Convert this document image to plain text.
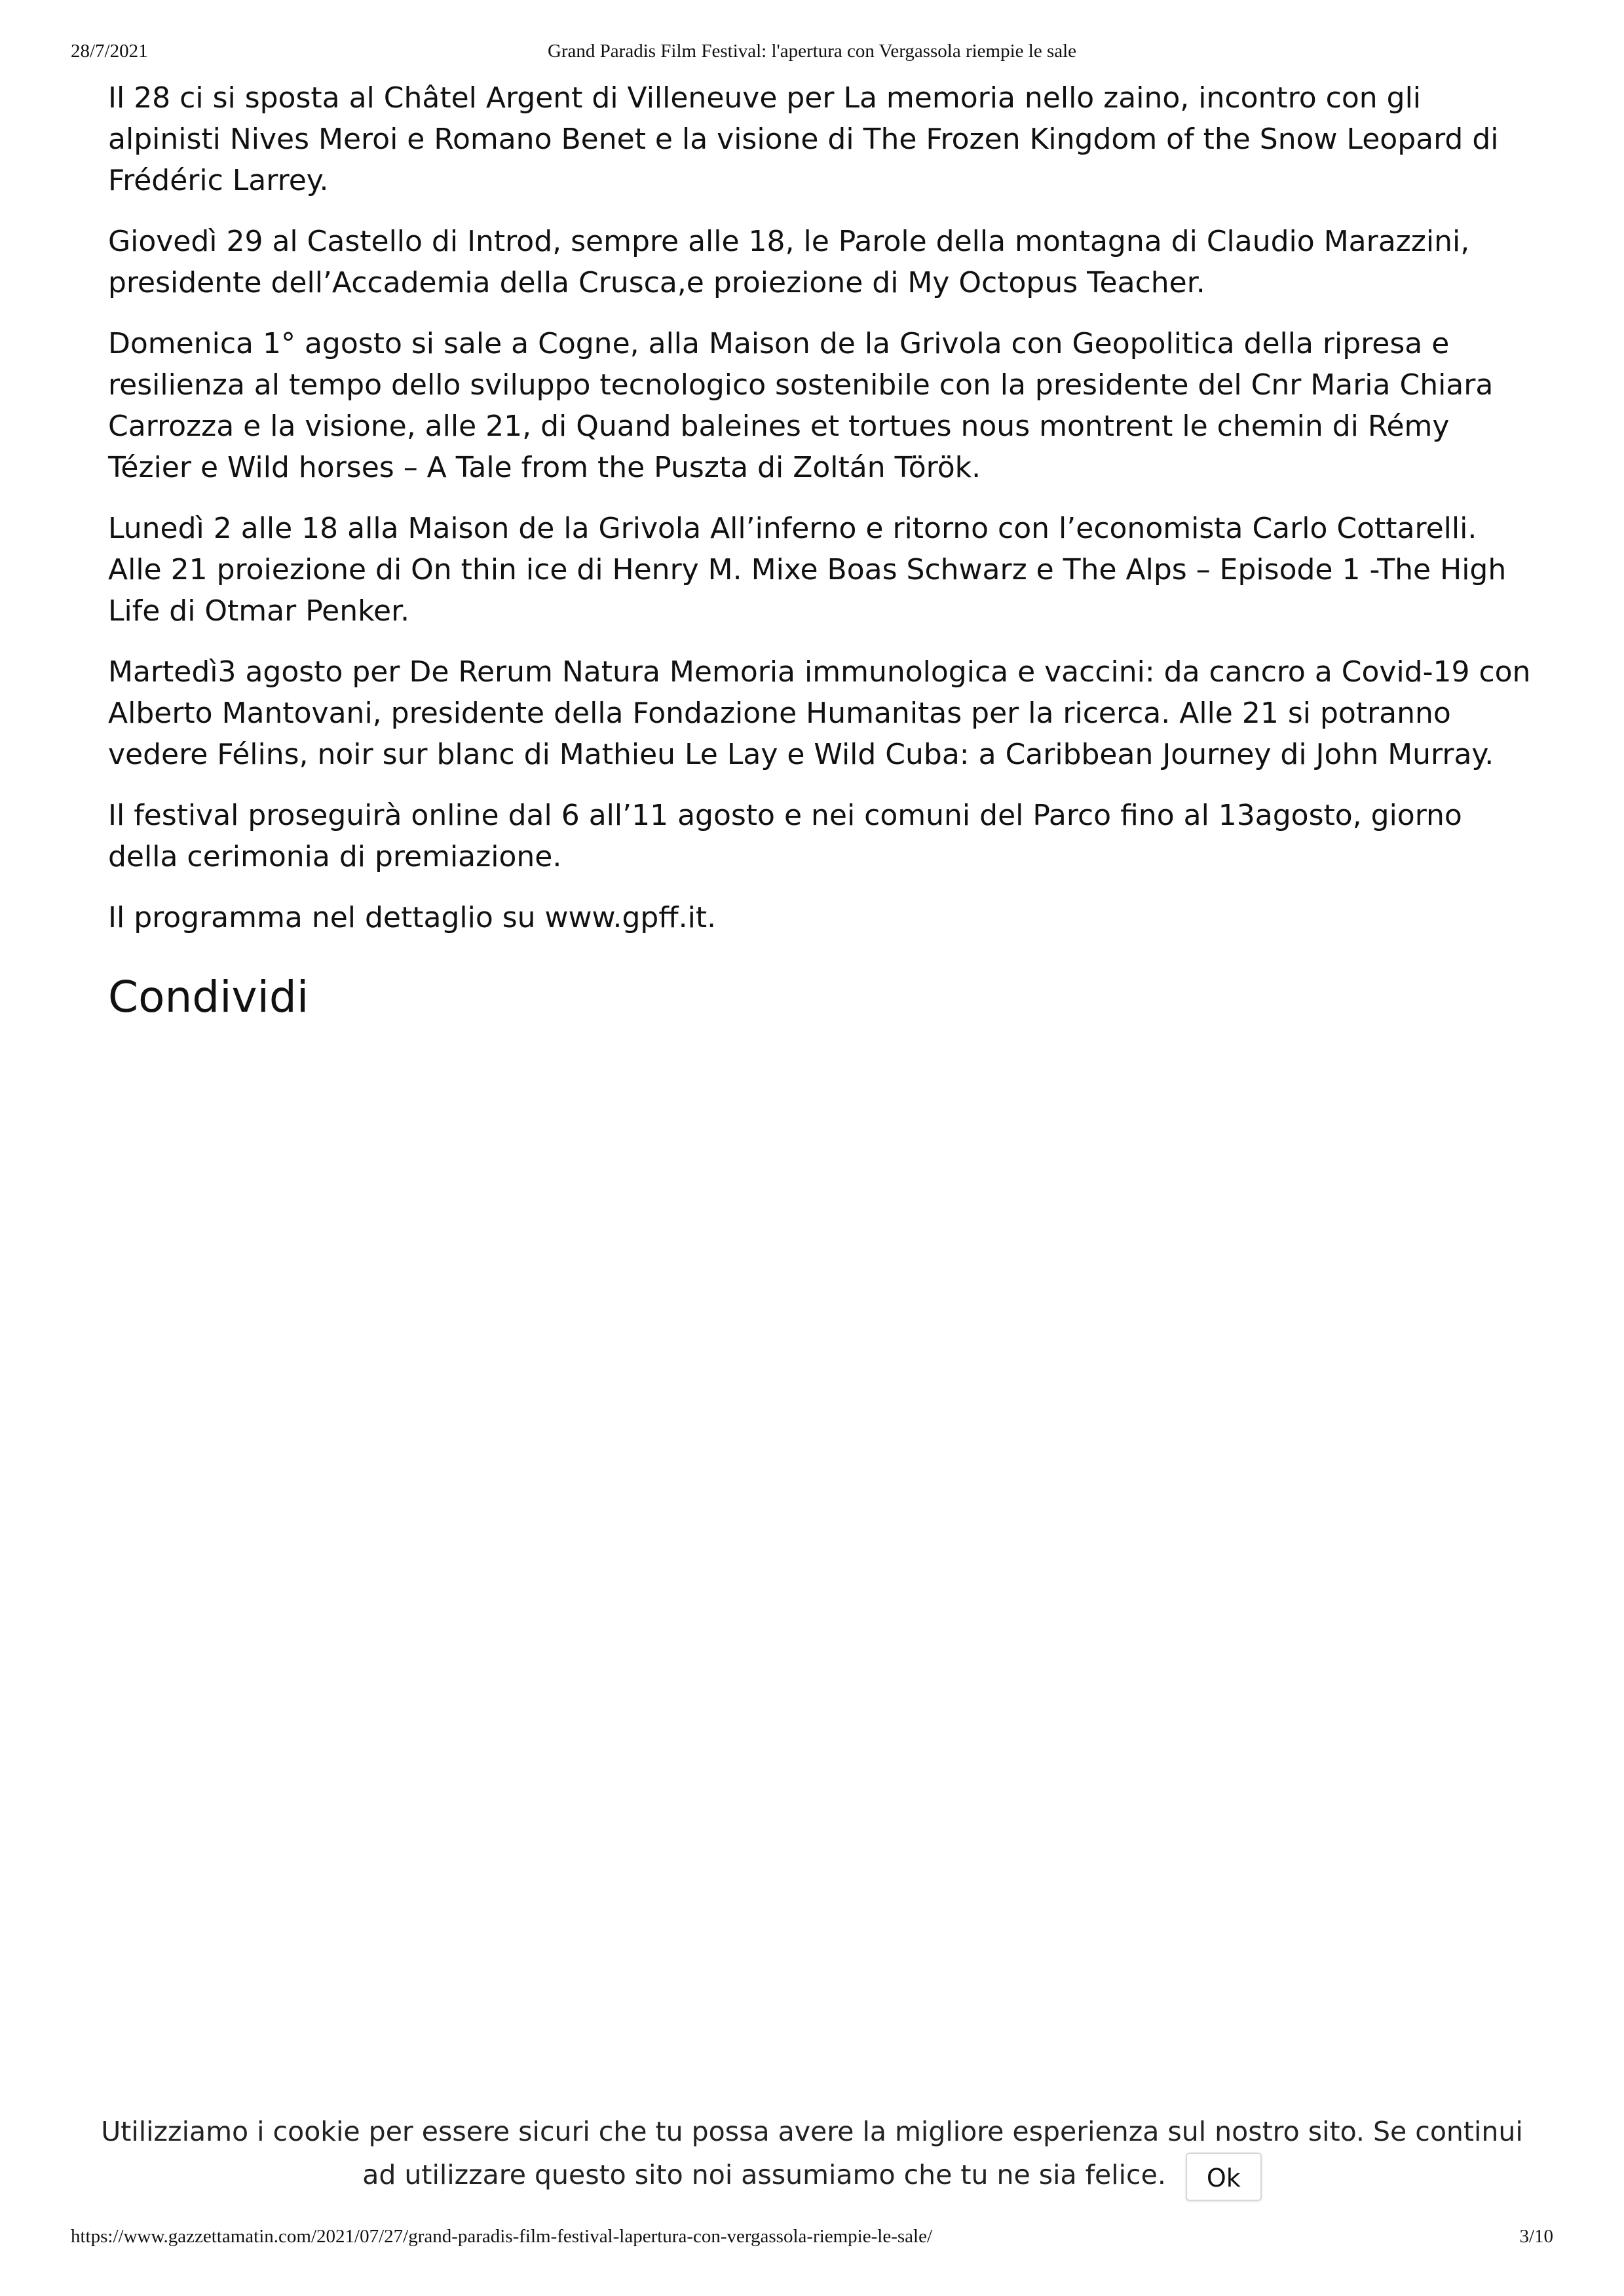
28/7/2021	Grand Paradis Film Festival: l'apertura con Vergassola riempie le sale

Il 28 ci si sposta al Châtel Argent di Villeneuve per La memoria nello zaino, incontro con gli alpinisti Nives Meroi e Romano Benet e la visione di The Frozen Kingdom of the Snow Leopard di Frédéric Larrey.

Giovedì 29 al Castello di Introd, sempre alle 18, le Parole della montagna di Claudio Marazzini, presidente dell’Accademia della Crusca,e proiezione di My Octopus Teacher.

Domenica 1° agosto si sale a Cogne, alla Maison de la Grivola con Geopolitica della ripresa e resilienza al tempo dello sviluppo tecnologico sostenibile con la presidente del Cnr Maria Chiara Carrozza e la visione, alle 21, di Quand baleines et tortues nous montrent le chemin di Rémy Tézier e Wild horses – A Tale from the Puszta di Zoltán Török.

Lunedì 2 alle 18 alla Maison de la Grivola All’inferno e ritorno con l’economista Carlo Cottarelli. Alle 21 proiezione di On thin ice di Henry M. Mixe Boas Schwarz e The Alps – Episode 1 -The High Life di Otmar Penker.

Martedì3 agosto per De Rerum Natura Memoria immunologica e vaccini: da cancro a Covid-19 con Alberto Mantovani, presidente della Fondazione Humanitas per la ricerca. Alle 21 si potranno vedere Félins, noir sur blanc di Mathieu Le Lay e Wild Cuba: a Caribbean Journey di John Murray.

Il festival proseguirà online dal 6 all’11 agosto e nei comuni del Parco fino al 13agosto, giorno della cerimonia di premiazione.

Il programma nel dettaglio su www.gpff.it.

Condividi
Utilizziamo i cookie per essere sicuri che tu possa avere la migliore esperienza sul nostro sito. Se continui ad utilizzare questo sito noi assumiamo che tu ne sia felice. Ok
https://www.gazzettamatin.com/2021/07/27/grand-paradis-film-festival-lapertura-con-vergassola-riempie-le-sale/	3/10
